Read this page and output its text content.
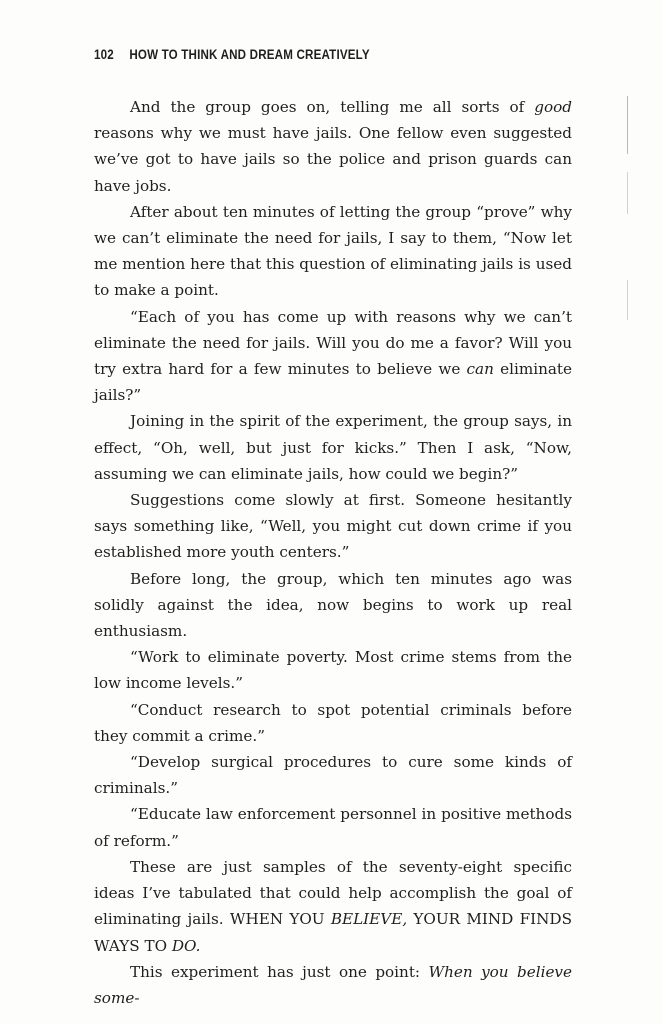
102 HOW TO THINK AND DREAM CREATIVELY

And the group goes on, telling me all sorts of good reasons why we must have jails. One fellow even suggested we’ve got to have jails so the police and prison guards can have jobs.

After about ten minutes of letting the group “prove” why we can’t eliminate the need for jails, I say to them, “Now let me mention here that this question of eliminating jails is used to make a point.

“Each of you has come up with reasons why we can’t eliminate the need for jails. Will you do me a favor? Will you try extra hard for a few minutes to believe we can eliminate jails?”

Joining in the spirit of the experiment, the group says, in effect, “Oh, well, but just for kicks.” Then I ask, “Now, assuming we can eliminate jails, how could we begin?”

Suggestions come slowly at first. Someone hesitantly says something like, “Well, you might cut down crime if you established more youth centers.”

Before long, the group, which ten minutes ago was solidly against the idea, now begins to work up real enthusiasm.

“Work to eliminate poverty. Most crime stems from the low income levels.”

“Conduct research to spot potential criminals before they commit a crime.”

“Develop surgical procedures to cure some kinds of criminals.”

“Educate law enforcement personnel in positive methods of reform.”

These are just samples of the seventy-eight specific ideas I’ve tabulated that could help accomplish the goal of eliminating jails. WHEN YOU BELIEVE, YOUR MIND FINDS WAYS TO DO.

This experiment has just one point: When you believe some-
